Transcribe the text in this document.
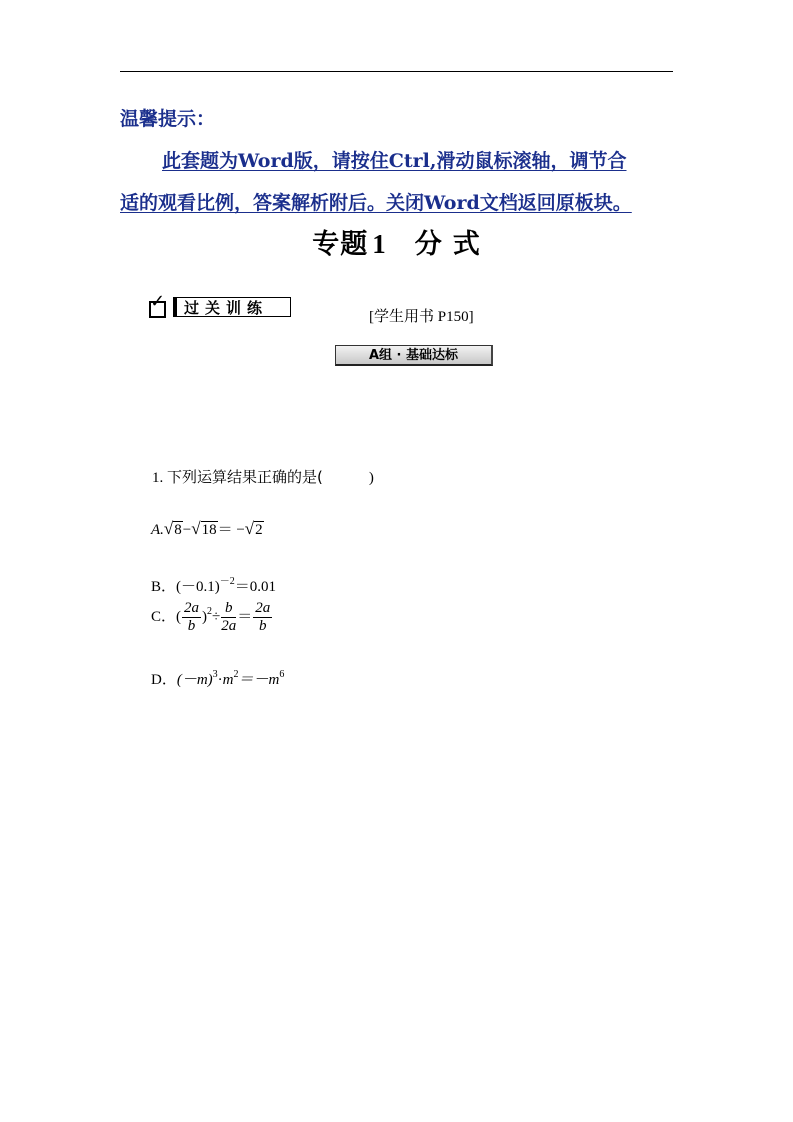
温馨提示：
此套题为Word版，请按住Ctrl,滑动鼠标滚轴，调节合
适的观看比例，答案解析附后。关闭Word文档返回原板块。
专题 1 分 式
✓	过关训练	[学生用书 P150]
A组 · 基础达标
1. 下列运算结果正确的是(	)
A.√8−√18＝ −√2
B．$(-0.1)^{-2}=0.01$
C．( $\frac{2a}{b} )^2\div \frac{b}{2a} = \frac{2a}{b}$
D．$(-m)^3\cdot m^2=-m^6$
